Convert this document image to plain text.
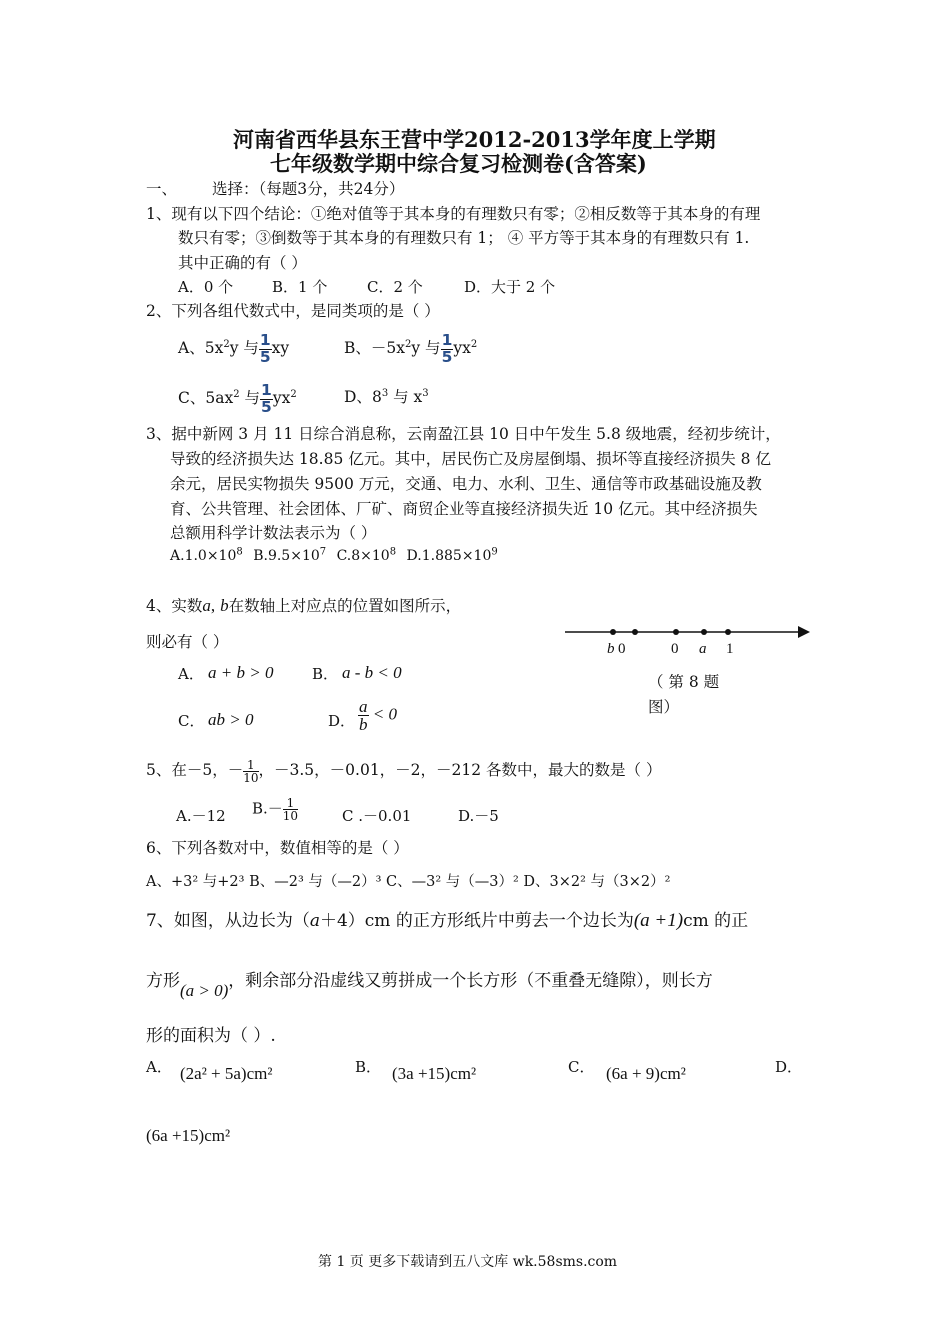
河南省西华县东王营中学2012-2013学年度上学期
七年级数学期中综合复习检测卷(含答案)
一、 选择：（每题3分，共24分）
1、现有以下四个结论：①绝对值等于其本身的有理数只有零；②相反数等于其本身的有理
数只有零；③倒数等于其本身的有理数只有 1； ④ 平方等于其本身的有理数只有 1.
其中正确的有（ ）
A．0 个	B．1 个	C．2 个	D．大于 2 个
2、下列各组代数式中，是同类项的是（ ）
A、$5x^2y$ 与 $\frac{1}{5}$ xy	B、$-5x^2y$ 与 $\frac{1}{5} yx^2$
C、$5ax^2$ 与 $\frac{1}{5} yx^2$	D、$8^3$ 与 $x^3$
3、据中新网 3 月 11 日综合消息称，云南盈江县 10 日中午发生 5.8 级地震，经初步统计，
导致的经济损失达 18.85 亿元。其中，居民伤亡及房屋倒塌、损坏等直接经济损失 8 亿
余元，居民实物损失 9500 万元，交通、电力、水利、卫生、通信等市政基础设施及教
育、公共管理、社会团体、厂矿、商贸企业等直接经济损失近 10 亿元。其中经济损失
总额用科学计数法表示为（ ）
$A.1.0\times 10^8$ $B.9.5\times 10^7$ $C.8\times 10^8$ $D.1.885\times 10^9$
4、实数a, b在数轴上对应点的位置如图所示，
则必有（ ）
A． a + b > 0	B． a - b < 0
C． ab > 0	D． $\frac{a}{b} < 0$
b 0	0 a 1
（ 第 8 题
图）
5、在－5，－ $\frac{1}{10}$ ，－3.5，－0.01，－2，－212 各数中，最大的数是（ ）
A.－12 $B.- \frac{1}{10}$	C .－0.01	D.－5
6、下列各数对中，数值相等的是（ ）
A、+3² 与+2³ B、—2³ 与（—2）³ C、—3² 与（—3）² D、3×2² 与（3×2）²
7、如图，从边长为（a＋4）cm 的正方形纸片中剪去一个边长为(a +1)cm 的正
方形(a > 0)，剩余部分沿虚线又剪拼成一个长方形（不重叠无缝隙），则长方
形的面积为（ ）.
A． (2a² + 5a)cm²	B． (3a +15)cm²	C． (6a + 9)cm²	D．
(6a +15)cm²
第 1 页 更多下载请到五八文库 wk.58sms.com
